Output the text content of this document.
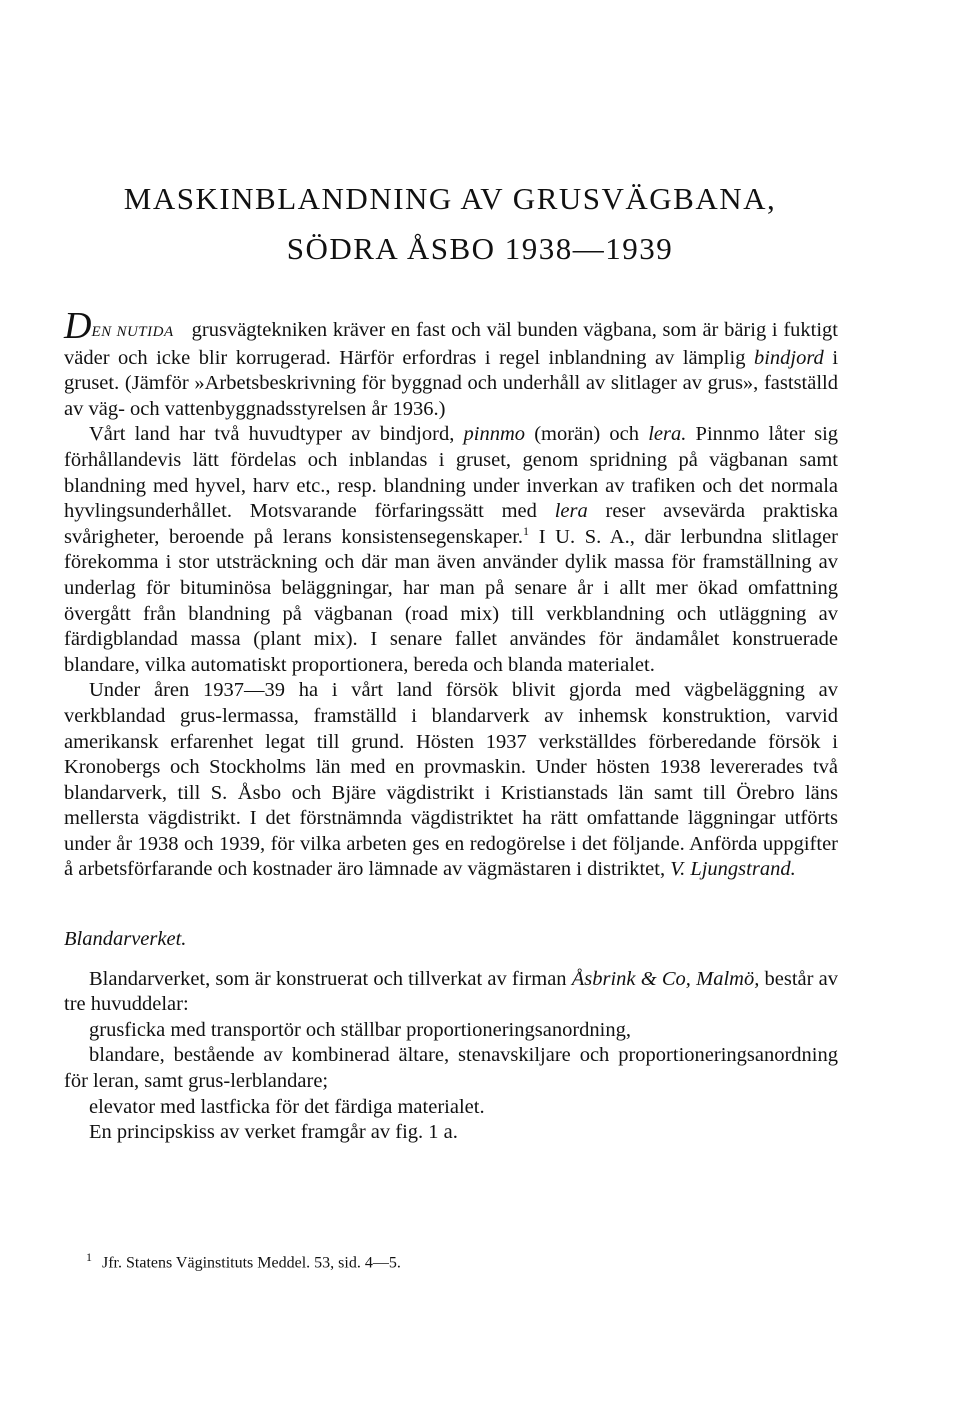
MASKINBLANDNING AV GRUSVÄGBANA,
SÖDRA ÅSBO 1938—1939

DEN NUTIDA grusvägtekniken kräver en fast och väl bunden vägbana, som är bärig i fuktigt väder och icke blir korrugerad. Härför erfordras i regel inblandning av lämplig bindjord i gruset. (Jämför »Arbetsbeskrivning för byggnad och underhåll av slitlager av grus», fastställd av väg- och vattenbyggnadsstyrelsen år 1936.)

Vårt land har två huvudtyper av bindjord, pinnmo (morän) och lera. Pinnmo låter sig förhållandevis lätt fördelas och inblandas i gruset, genom spridning på vägbanan samt blandning med hyvel, harv etc., resp. blandning under inverkan av trafiken och det normala hyvlingsunderhållet. Motsvarande förfaringssätt med lera reser avsevärda praktiska svårigheter, beroende på lerans konsistensegenskaper.$^1$ I U. S. A., där lerbundna slitlager förekomma i stor utsträckning och där man även använder dylik massa för framställning av underlag för bituminösa beläggningar, har man på senare år i allt mer ökad omfattning övergått från blandning på vägbanan (road mix) till verkblandning och utläggning av färdigblandad massa (plant mix). I senare fallet användes för ändamålet konstruerade blandare, vilka automatiskt proportionera, bereda och blanda materialet.

Under åren 1937—39 ha i vårt land försök blivit gjorda med vägbeläggning av verkblandad grus-lermassa, framställd i blandarverk av inhemsk konstruktion, varvid amerikansk erfarenhet legat till grund. Hösten 1937 verkställdes förberedande försök i Kronobergs och Stockholms län med en provmaskin. Under hösten 1938 levererades två blandarverk, till S. Åsbo och Bjäre vägdistrikt i Kristianstads län samt till Örebro läns mellersta vägdistrikt. I det förstnämnda vägdistriktet ha rätt omfattande läggningar utförts under år 1938 och 1939, för vilka arbeten ges en redogörelse i det följande. Anförda uppgifter å arbetsförfarande och kostnader äro lämnade av vägmästaren i distriktet, V. Ljungstrand.

Blandarverket.

Blandarverket, som är konstruerat och tillverkat av firman Åsbrink & Co, Malmö, består av tre huvuddelar:

grusficka med transportör och ställbar proportioneringsanordning,

blandare, bestående av kombinerad ältare, stenavskiljare och proportioneringsanordning för leran, samt grus-lerblandare;

elevator med lastficka för det färdiga materialet.

En principskiss av verket framgår av fig. 1 a.

$^1$ Jfr. Statens Väginstituts Meddel. 53, sid. 4—5.
